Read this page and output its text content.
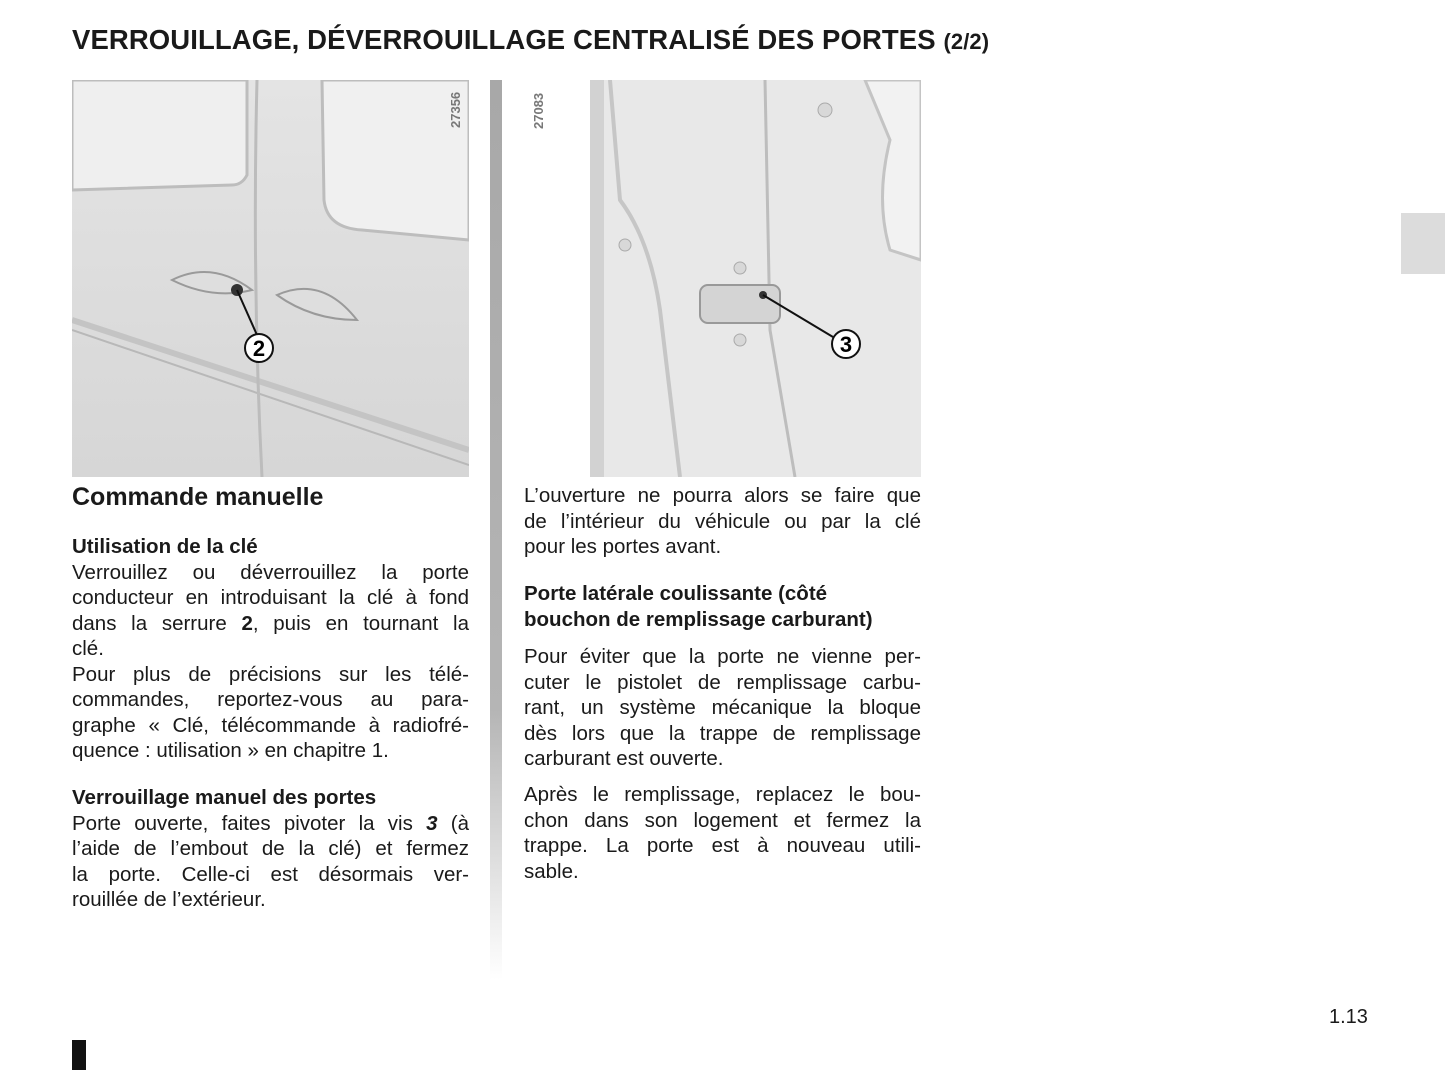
VERROUILLAGE, DÉVERROUILLAGE CENTRALISÉ DES PORTES (2/2)
2
27356	27083
3
Commande manuelle
Utilisation de la clé
Verrouillez ou déverrouillez la porte
conducteur en introduisant la clé à fond
dans la serrure 2, puis en tournant la
clé.
Pour plus de précisions sur les télé-
commandes, reportez-vous au para-
graphe « Clé, télécommande à radiofré-
quence : utilisation » en chapitre 1.
Verrouillage manuel des portes
Porte ouverte, faites pivoter la vis 3 (à
l’aide de l’embout de la clé) et fermez
la porte. Celle-ci est désormais ver-
rouillée de l’extérieur.
L’ouverture ne pourra alors se faire que
de l’intérieur du véhicule ou par la clé
pour les portes avant.
Porte latérale coulissante (côté
bouchon de remplissage carburant)
Pour éviter que la porte ne vienne per-
cuter le pistolet de remplissage carbu-
rant, un système mécanique la bloque
dès lors que la trappe de remplissage
carburant est ouverte.
Après le remplissage, replacez le bou-
chon dans son logement et fermez la
trappe. La porte est à nouveau utili-
sable.
1.13
